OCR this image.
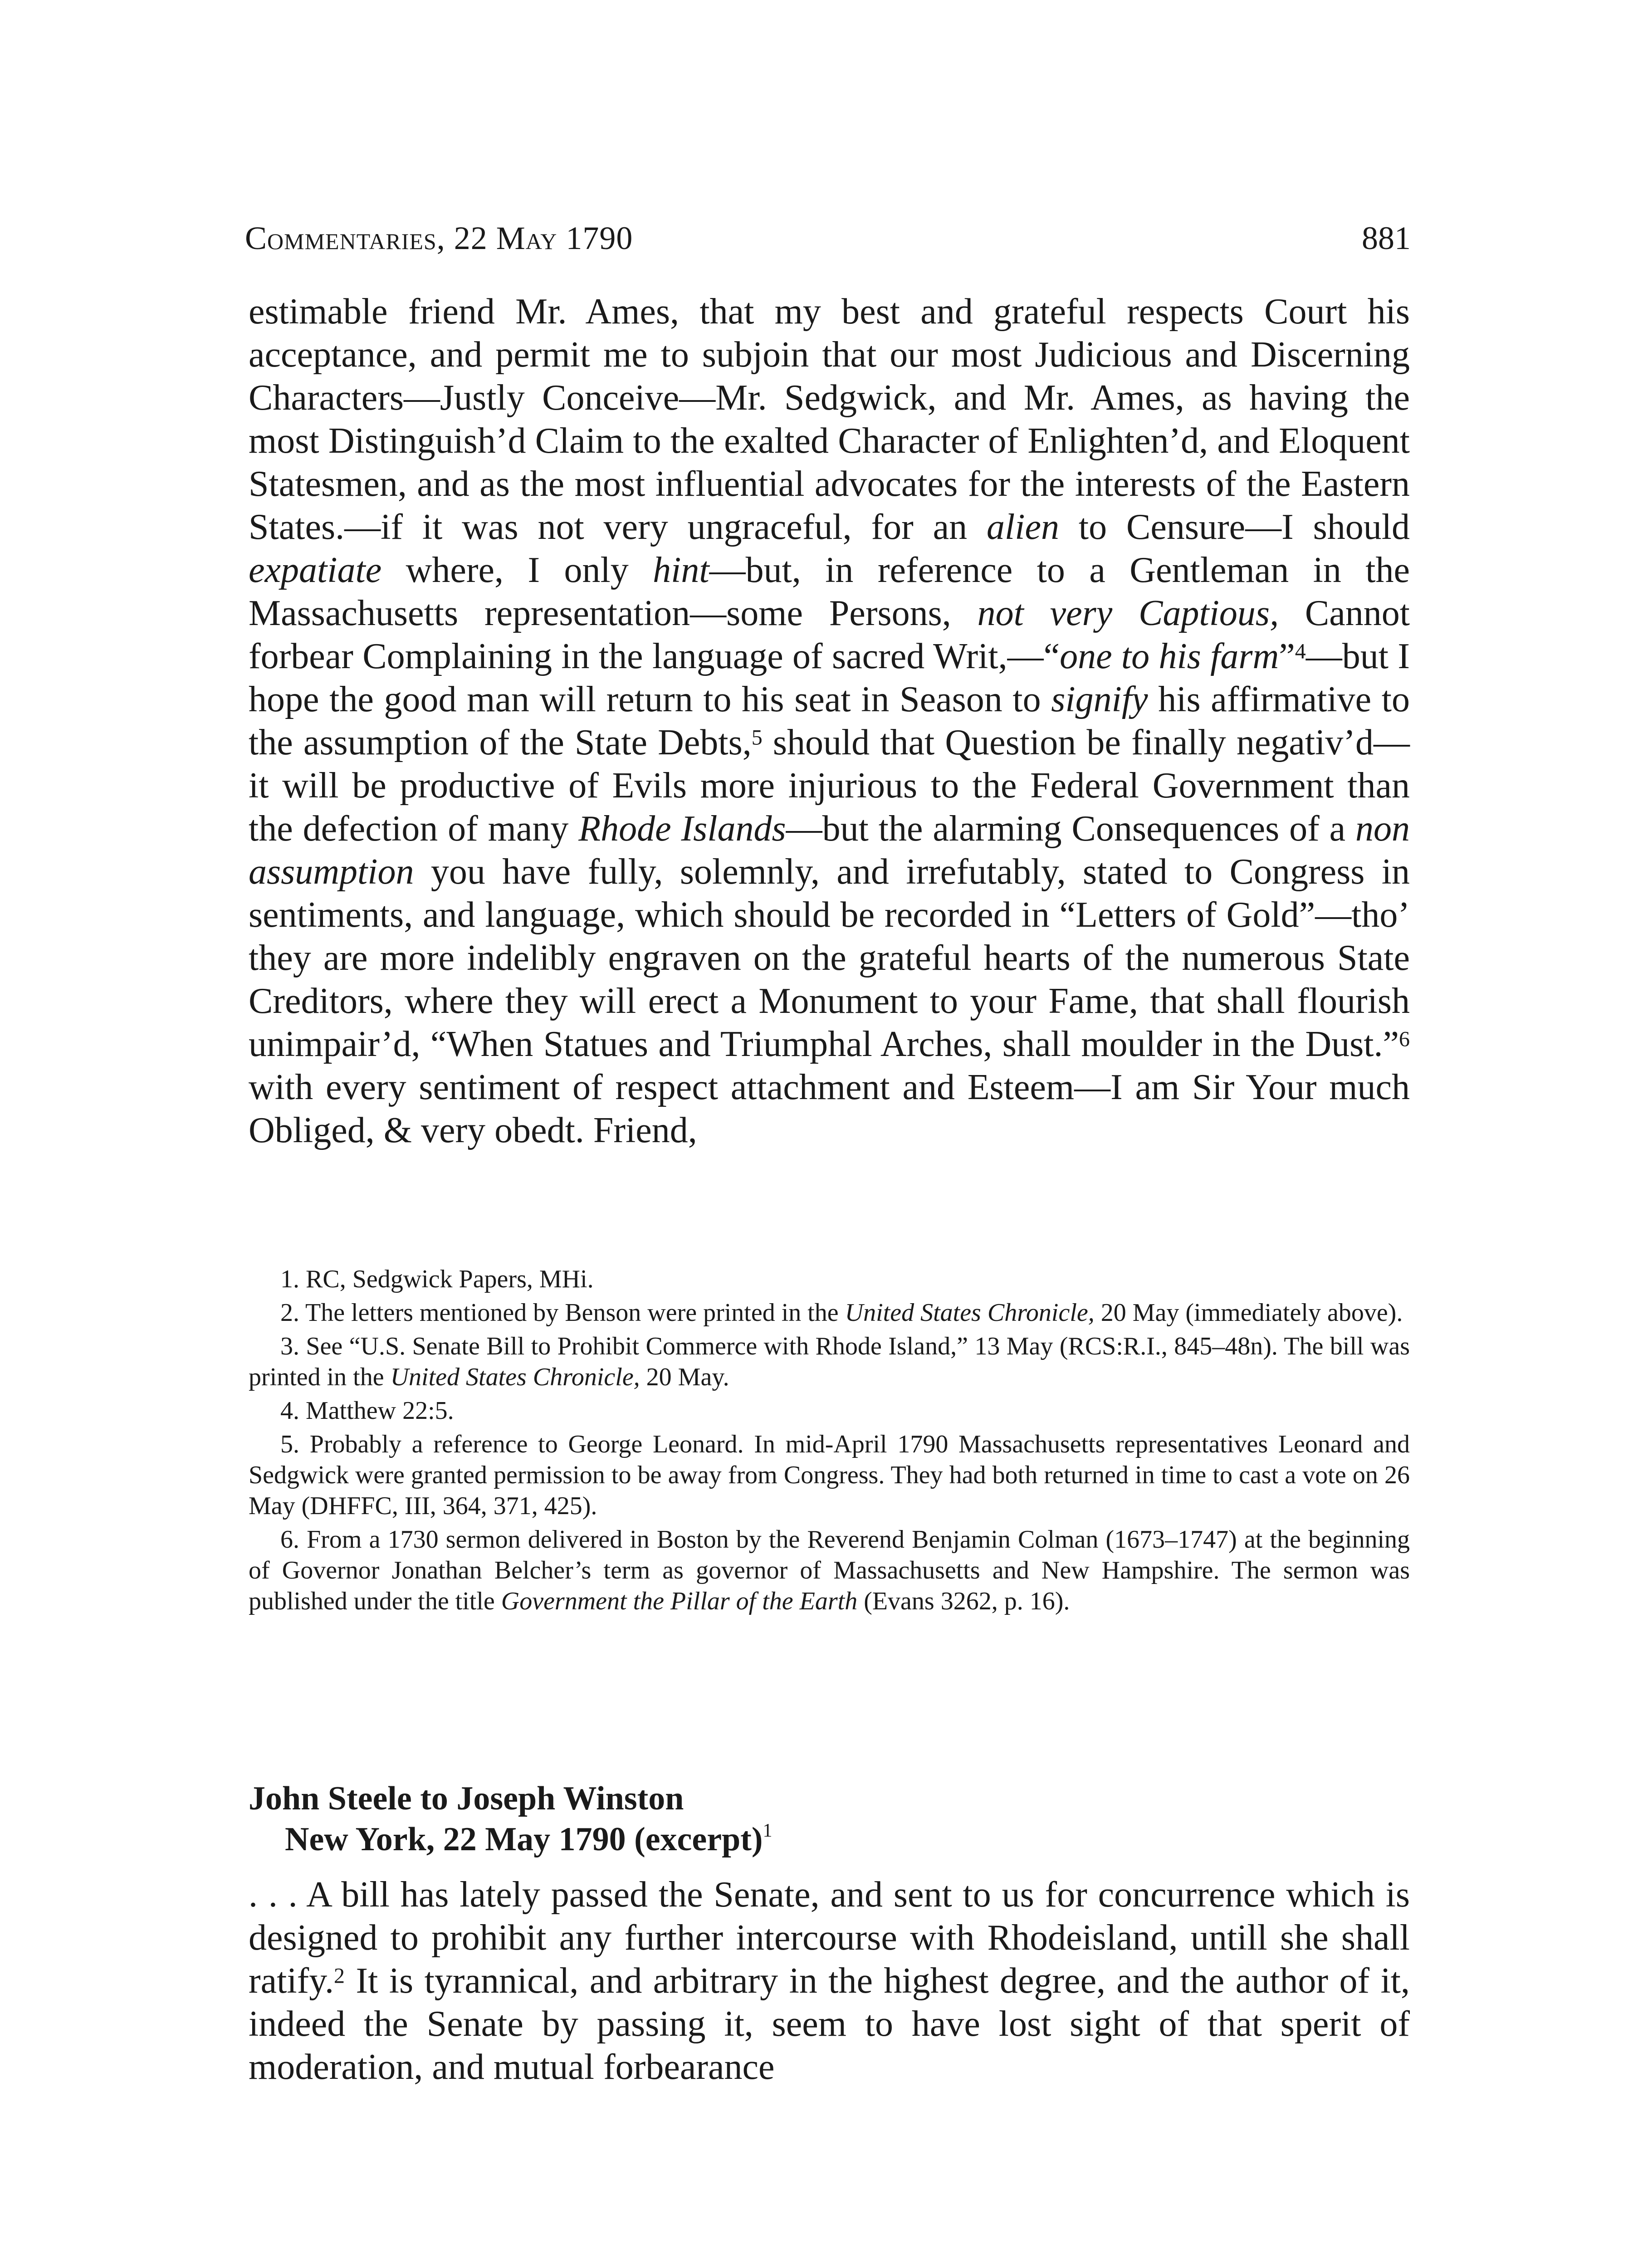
Commentaries, 22 May 1790	881

estimable friend Mr. Ames, that my best and grateful respects Court his acceptance, and permit me to subjoin that our most Judicious and Discerning Characters—Justly Conceive—Mr. Sedgwick, and Mr. Ames, as having the most Distinguish’d Claim to the exalted Character of Enlighten’d, and Eloquent Statesmen, and as the most influential advocates for the interests of the Eastern States.—if it was not very ungraceful, for an alien to Censure—I should expatiate where, I only hint—but, in reference to a Gentleman in the Massachusetts representation—some Persons, not very Captious, Cannot forbear Complaining in the language of sacred Writ,—“one to his farm”$^4$—but I hope the good man will return to his seat in Season to signify his affirmative to the assumption of the State Debts,$^5$ should that Question be finally negativ’d—it will be productive of Evils more injurious to the Federal Government than the defection of many Rhode Islands—but the alarming Consequences of a non assumption you have fully, solemnly, and irrefutably, stated to Congress in sentiments, and language, which should be recorded in “Letters of Gold”—tho’ they are more indelibly engraven on the grateful hearts of the numerous State Creditors, where they will erect a Monument to your Fame, that shall flourish unimpair’d, “When Statues and Triumphal Arches, shall moulder in the Dust.”$^6$ with every sentiment of respect attachment and Esteem—I am Sir Your much Obliged, & very obedt. Friend,

1. RC, Sedgwick Papers, MHi.

2. The letters mentioned by Benson were printed in the United States Chronicle, 20 May (immediately above).

3. See “U.S. Senate Bill to Prohibit Commerce with Rhode Island,” 13 May (RCS:R.I., 845–48n). The bill was printed in the United States Chronicle, 20 May.

4. Matthew 22:5.

5. Probably a reference to George Leonard. In mid-April 1790 Massachusetts representatives Leonard and Sedgwick were granted permission to be away from Congress. They had both returned in time to cast a vote on 26 May (DHFFC, III, 364, 371, 425).

6. From a 1730 sermon delivered in Boston by the Reverend Benjamin Colman (1673–1747) at the beginning of Governor Jonathan Belcher’s term as governor of Massachusetts and New Hampshire. The sermon was published under the title Government the Pillar of the Earth (Evans 3262, p. 16).

John Steele to Joseph Winston
New York, 22 May 1790 (excerpt)$^1$

. . . A bill has lately passed the Senate, and sent to us for concurrence which is designed to prohibit any further intercourse with Rhodeisland, untill she shall ratify.$^2$ It is tyrannical, and arbitrary in the highest degree, and the author of it, indeed the Senate by passing it, seem to have lost sight of that sperit of moderation, and mutual forbearance
